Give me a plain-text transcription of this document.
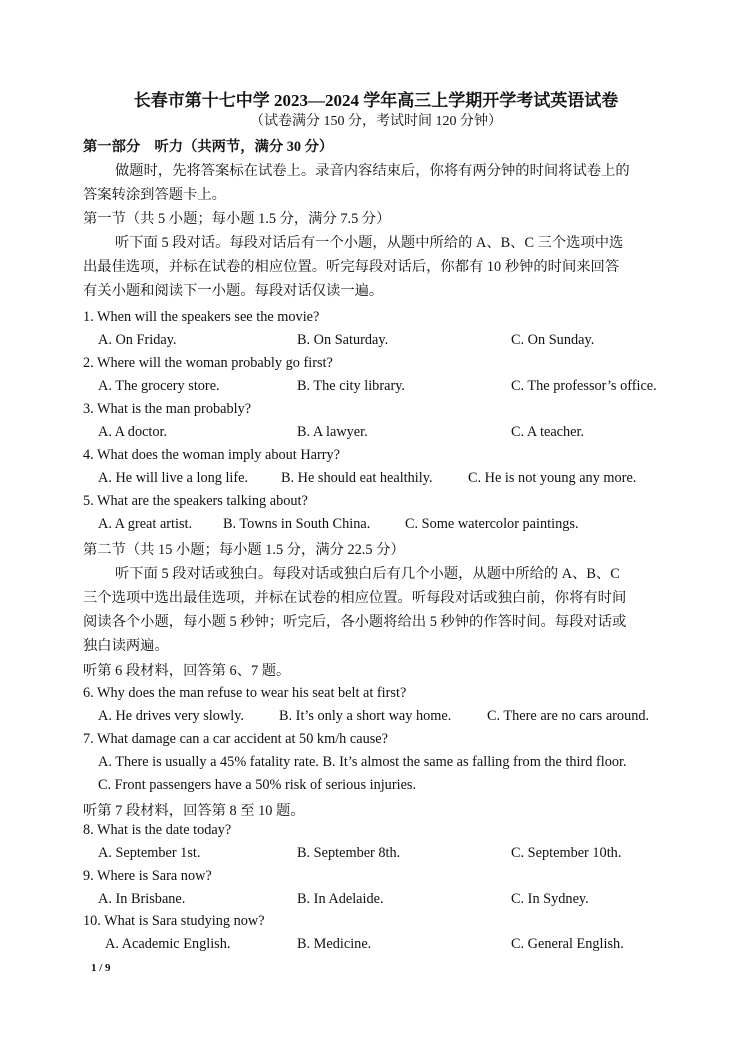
长春市第十七中学 2023—2024 学年高三上学期开学考试英语试卷
（试卷满分 150 分，考试时间 120 分钟）
第一部分　听力（共两节，满分 30 分）
做题时，先将答案标在试卷上。录音内容结束后，你将有两分钟的时间将试卷上的
答案转涂到答题卡上。
第一节（共 5 小题；每小题 1.5 分，满分 7.5 分）
听下面 5 段对话。每段对话后有一个小题，从题中所给的 A、B、C 三个选项中选
出最佳选项，并标在试卷的相应位置。听完每段对话后，你都有 10 秒钟的时间来回答
有关小题和阅读下一小题。每段对话仅读一遍。
1. When will the speakers see the movie?
A. On Friday.	B. On Saturday.	C. On Sunday.
2. Where will the woman probably go first?
A. The grocery store.	B. The city library.	C. The professor’s office.
3. What is the man probably?
A. A doctor.	B. A lawyer.	C. A teacher.
4. What does the woman imply about Harry?
A. He will live a long life. B. He should eat healthily. C. He is not young any more.
5. What are the speakers talking about?
A. A great artist. B. Towns in South China. C. Some watercolor paintings.
第二节（共 15 小题；每小题 1.5 分，满分 22.5 分）
听下面 5 段对话或独白。每段对话或独白后有几个小题，从题中所给的 A、B、C
三个选项中选出最佳选项，并标在试卷的相应位置。听每段对话或独白前，你将有时间
阅读各个小题，每小题 5 秒钟；听完后，各小题将给出 5 秒钟的作答时间。每段对话或
独白读两遍。
听第 6 段材料，回答第 6、7 题。
6. Why does the man refuse to wear his seat belt at first?
A. He drives very slowly. B. It’s only a short way home. C. There are no cars around.
7. What damage can a car accident at 50 km/h cause?
A. There is usually a 45% fatality rate. B. It’s almost the same as falling from the third floor.
C. Front passengers have a 50% risk of serious injuries.
听第 7 段材料，回答第 8 至 10 题。
8. What is the date today?
A. September 1st.	B. September 8th.	C. September 10th.
9. Where is Sara now?
A. In Brisbane.	B. In Adelaide.	C. In Sydney.
10. What is Sara studying now?
A. Academic English.	B. Medicine.	C. General English.
1 / 9
